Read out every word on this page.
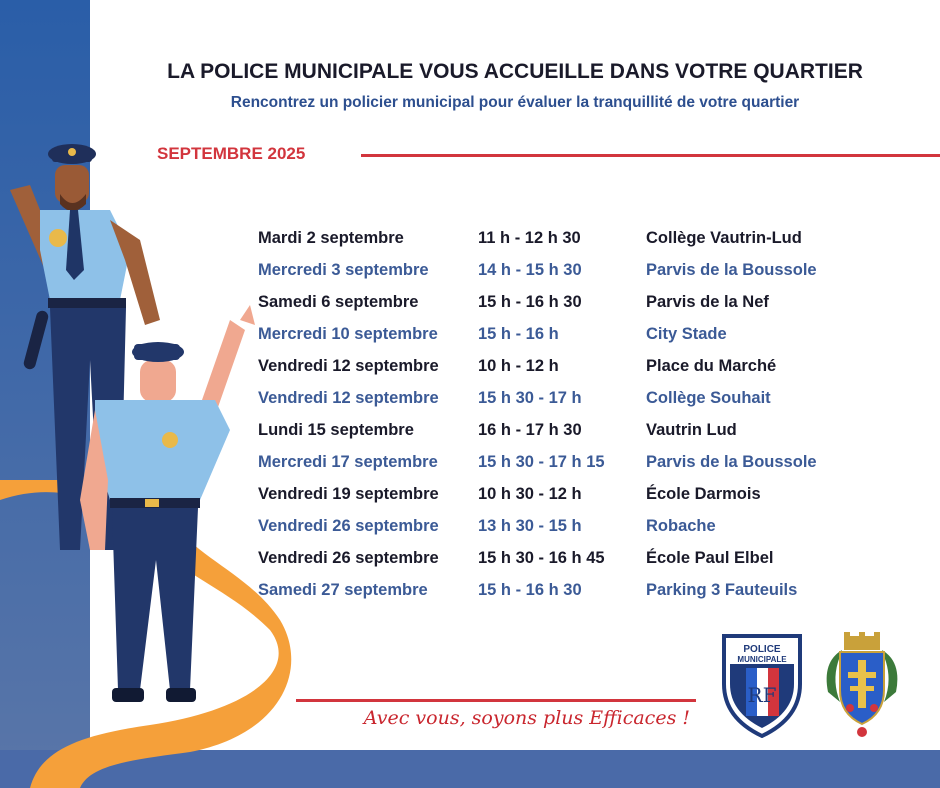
LA POLICE MUNICIPALE VOUS ACCUEILLE DANS VOTRE QUARTIER
Rencontrez un policier municipal pour évaluer la tranquillité de votre quartier
SEPTEMBRE 2025
Mardi 2 septembre	11 h - 12 h 30	Collège Vautrin-Lud
Mercredi 3 septembre	14 h - 15 h 30	Parvis de la Boussole
Samedi 6 septembre	15 h - 16 h 30	Parvis de la Nef
Mercredi 10 septembre 15 h - 16 h	City Stade
Vendredi 12 septembre 10 h - 12 h	Place du Marché
Vendredi 12 septembre 15 h 30 - 17 h	Collège Souhait
Lundi 15 septembre	16 h - 17 h 30	Vautrin Lud
Mercredi 17 septembre 15 h 30 - 17 h 15	Parvis de la Boussole
Vendredi 19 septembre 10 h 30 - 12 h	École Darmois
Vendredi 26 septembre 13 h 30 - 15 h	Robache
Vendredi 26 septembre 15 h 30 - 16 h 45	École Paul Elbel
Samedi 27 septembre	15 h - 16 h 30	Parking 3 Fauteuils
Avec vous, soyons plus Efficaces !
POLICE
MUNICIPALE
RF
